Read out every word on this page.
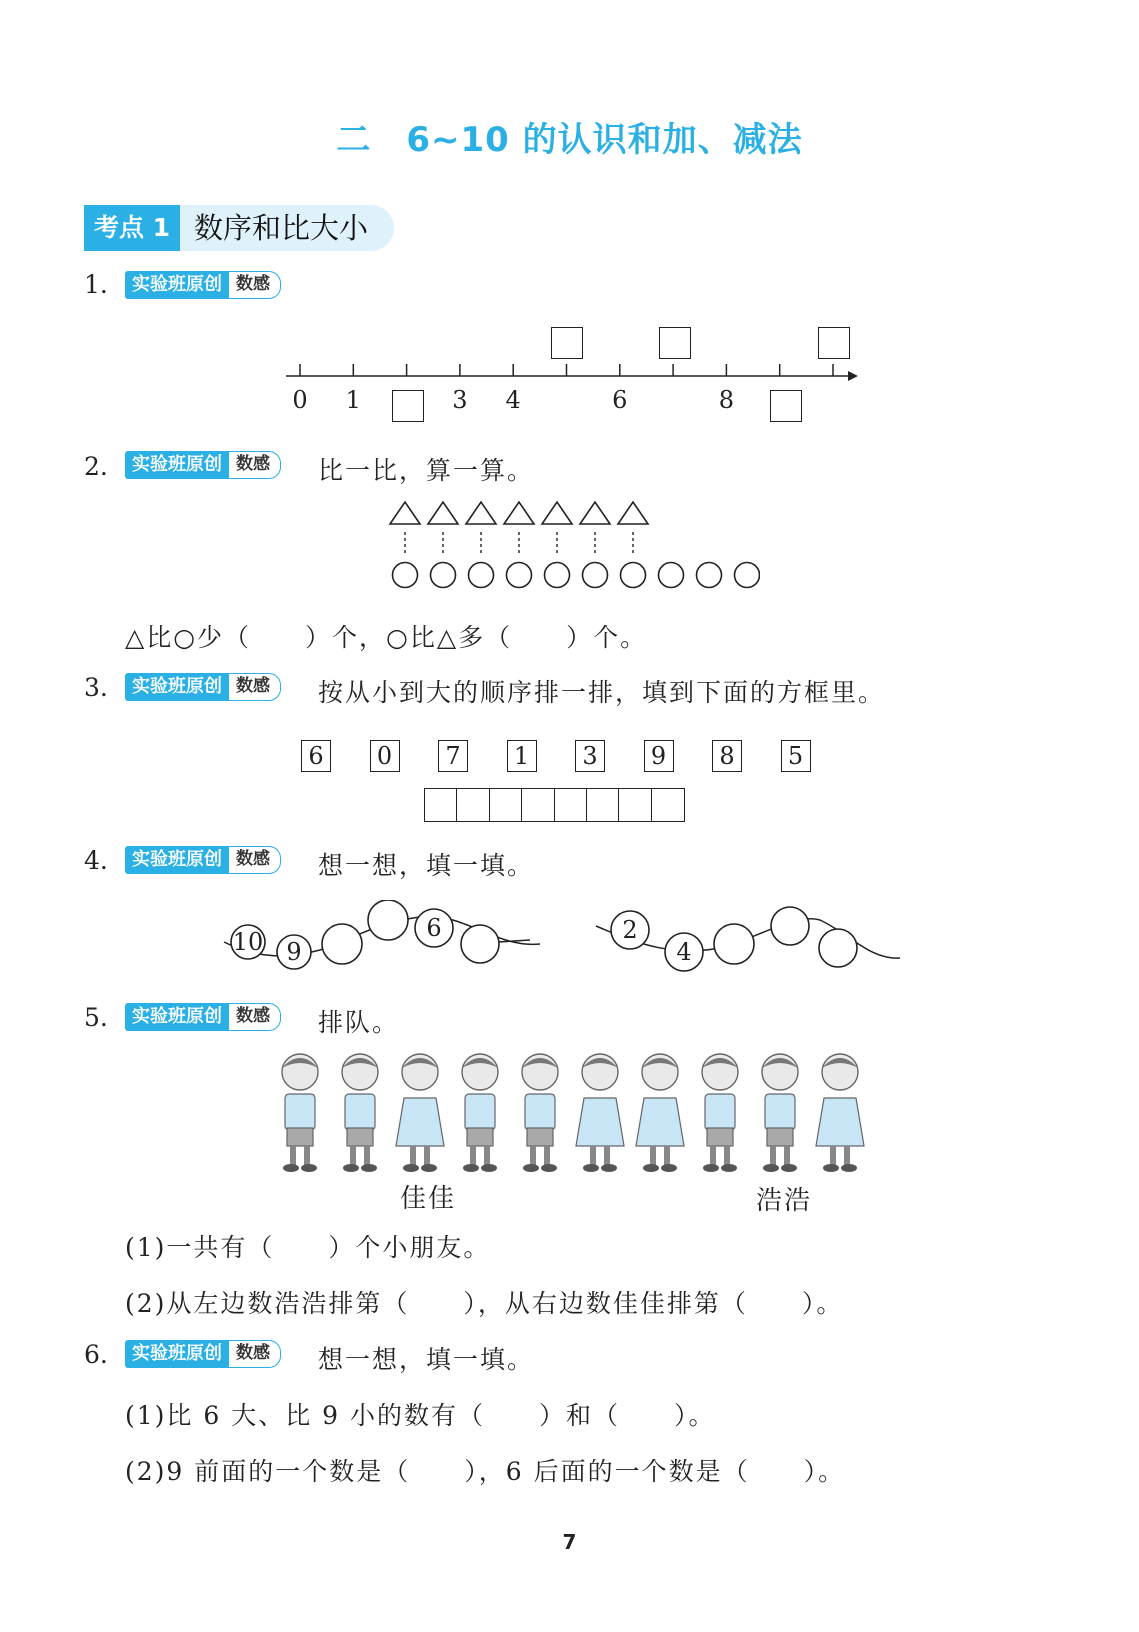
二　6~10 的认识和加、减法
考点 1 数序和比大小
1.	实验班原创 数感
0	1	3	4	6	8
2.	实验班原创 数感	比一比，算一算。
△比○少（　　）个，○比△多（　　）个。
3.	实验班原创 数感	按从小到大的顺序排一排，填到下面的方框里。
6	0	7	1	3	9	8	5
4.	实验班原创 数感	想一想，填一填。
10 9
6	2
4
5.	实验班原创 数感	排队。
佳佳	浩浩
(1)一共有（　　）个小朋友。
(2)从左边数浩浩排第（　　），从右边数佳佳排第（　　）。
6.	实验班原创 数感	想一想，填一填。
(1)比 6 大、比 9 小的数有（　　）和（　　）。
(2)9 前面的一个数是（　　），6 后面的一个数是（　　）。
7
